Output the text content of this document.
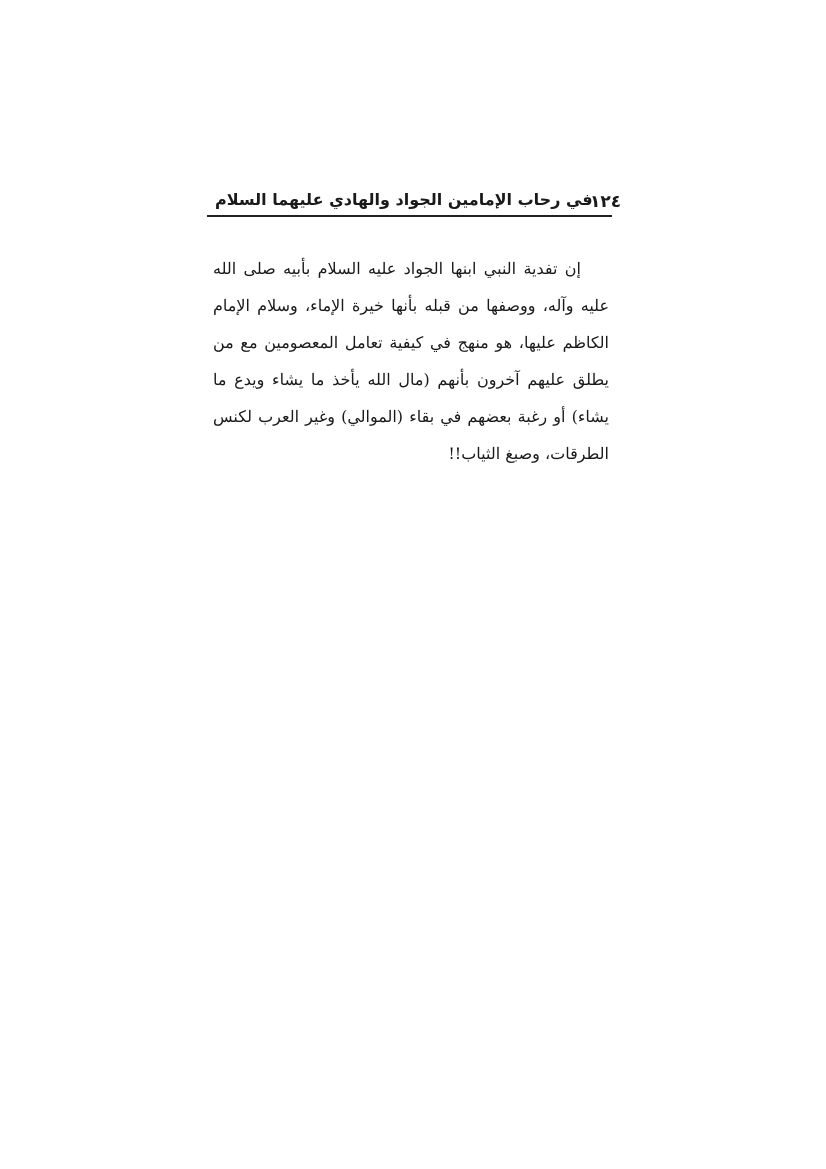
١٢٤
في رحاب الإمامين الجواد والهادي عليهما السلام

إن تفدية النبي ابنها الجواد عليه السلام بأبيه صلى الله عليه وآله، ووصفها من قبله بأنها خيرة الإماء، وسلام الإمام الكاظم عليها، هو منهج في كيفية تعامل المعصومين مع من يطلق عليهم آخرون بأنهم (مال الله يأخذ ما يشاء ويدع ما يشاء) أو رغبة بعضهم في بقاء (الموالي) وغير العرب لكنس الطرقات، وصبغ الثياب!!
